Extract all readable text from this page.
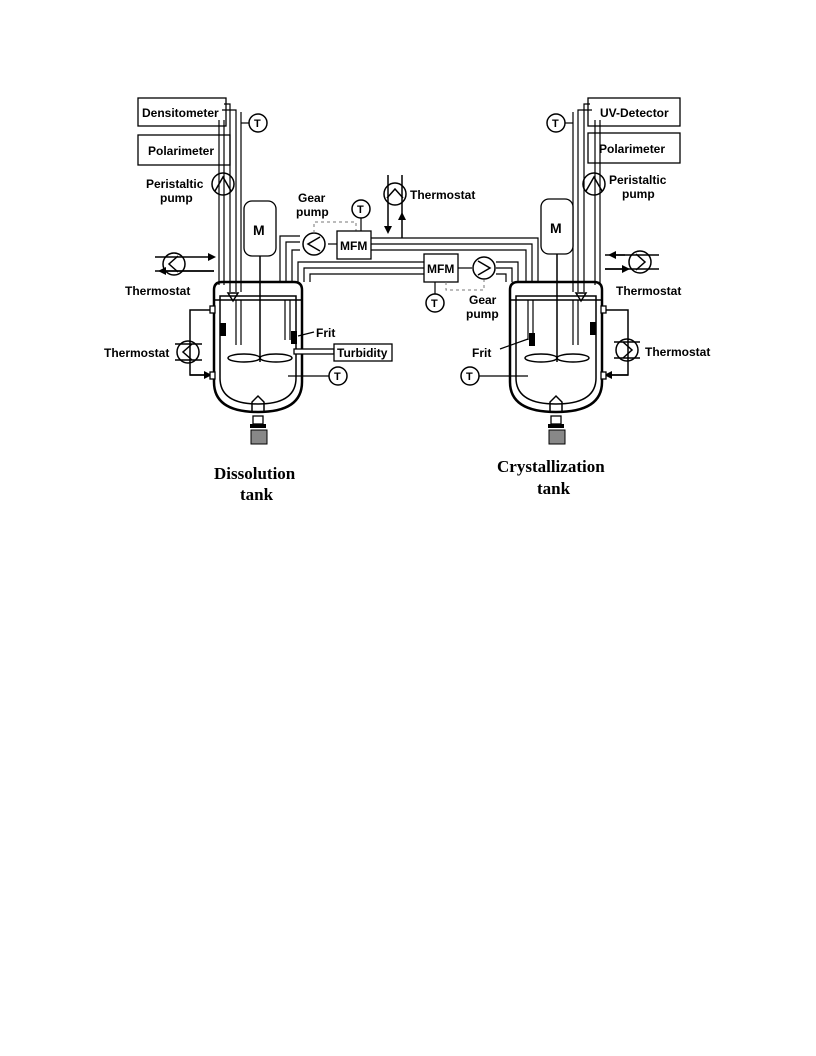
Densitometer
Polarimeter
T
Peristaltic
pump
M
Thermostat
Frit
Turbidity
T
Thermostat
Dissolution
tank
Gear
pump
MFM
T
Thermostat
MFM
T	Gear
pump
UV-Detector
Polarimeter
T
Peristaltic
pump
M
Thermostat
Frit
T
Thermostat
Crystallization
tank
